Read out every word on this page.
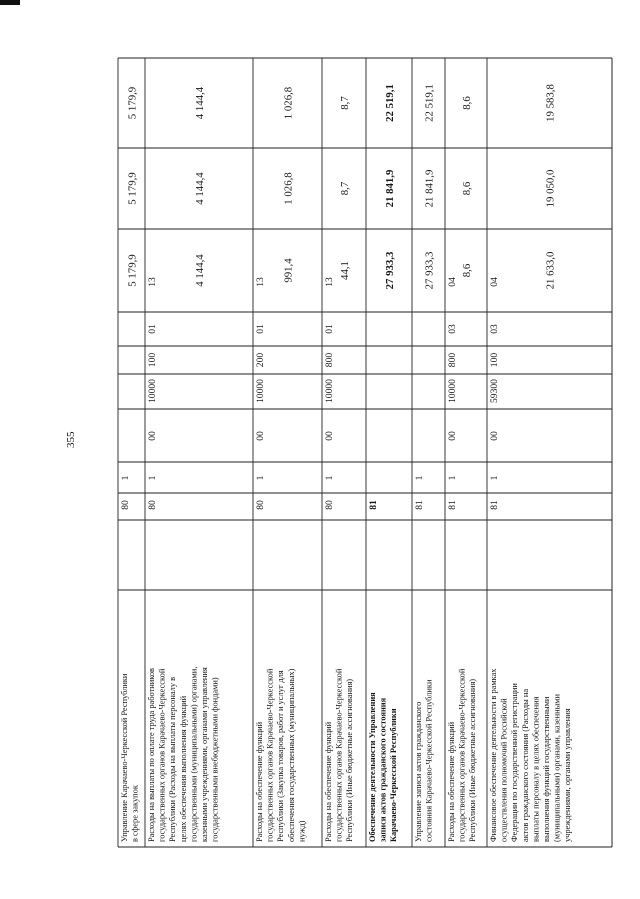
355
Управление Карачаево-Черкесской Республики в сфере закупок
80
1
5 179,9
5 179,9
5 179,9
Расходы на выплаты по оплате труда работников государственных органов Карачаево-Черкесской Республики (Расходы на выплаты персоналу в целях обеспечения выполнения функций государственными (муниципальными) органами, казенными учреждениями, органами управления государственными внебюджетными фондами)
80
1
00
10000
100
01
13	4 144,4
4 144,4
4 144,4
Расходы на обеспечение функций государственных органов Карачаево-Черкесской Республики (Закупка товаров, работ и услуг для обеспечения государственных (муниципальных) нужд)
80
1
00
10000
200
01
13 991,4
1 026,8
1 026,8
Расходы на обеспечение функций государственных органов Карачаево-Черкесской Республики (Иные бюджетные ассигнования)
80
1
00
10000
800
01
13
44,1
8,7
8,7
Обеспечение деятельности Управления записи актов гражданского состояния Карачаево-Черкесской Республики
81
27 933,3
21 841,9
22 519,1
Управление записи актов гражданского состояния Карачаево-Черкесской Республики
81
1
27 933,3
21 841,9
22 519,1
Расходы на обеспечение функций государственных органов Карачаево-Черкесской Республики (Иные бюджетные ассигнования)
81
1
00
10000
800
03
04
8,6
8,6
8,6
Финансовое обеспечение деятельности в рамках осуществления полномочий Российской Федерации по государственной регистрации актов гражданского состояния (Расходы на выплаты персоналу в целях обеспечения выполнения функций государственными (муниципальными) органами, казенными учреждениями, органами управления
81
1
00
59300
100
03
04	21 633,0
19 050,0
19 583,8
